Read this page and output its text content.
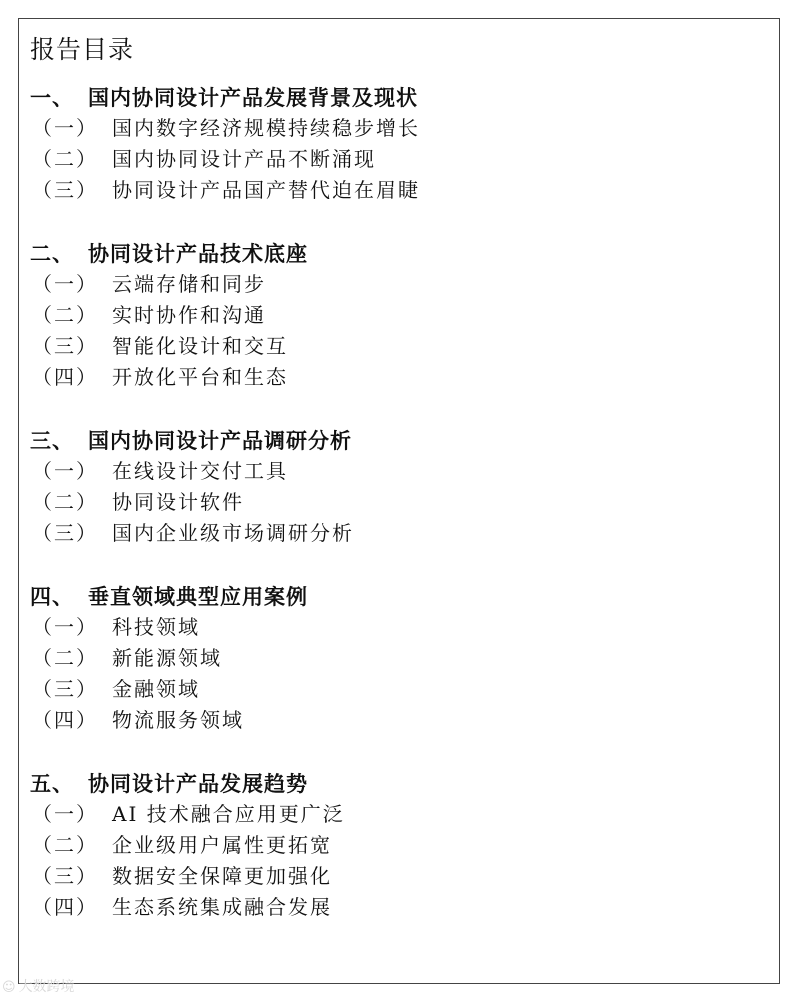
报告目录
一、 国内协同设计产品发展背景及现状
（一） 国内数字经济规模持续稳步增长
（二） 国内协同设计产品不断涌现
（三） 协同设计产品国产替代迫在眉睫
二、 协同设计产品技术底座
（一） 云端存储和同步
（二） 实时协作和沟通
（三） 智能化设计和交互
（四） 开放化平台和生态
三、 国内协同设计产品调研分析
（一） 在线设计交付工具
（二） 协同设计软件
（三） 国内企业级市场调研分析
四、 垂直领域典型应用案例
（一） 科技领域
（二） 新能源领域
（三） 金融领域
（四） 物流服务领域
五、 协同设计产品发展趋势
（一） AI 技术融合应用更广泛
（二） 企业级用户属性更拓宽
（三） 数据安全保障更加强化
（四） 生态系统集成融合发展
☺ 大数跨境
